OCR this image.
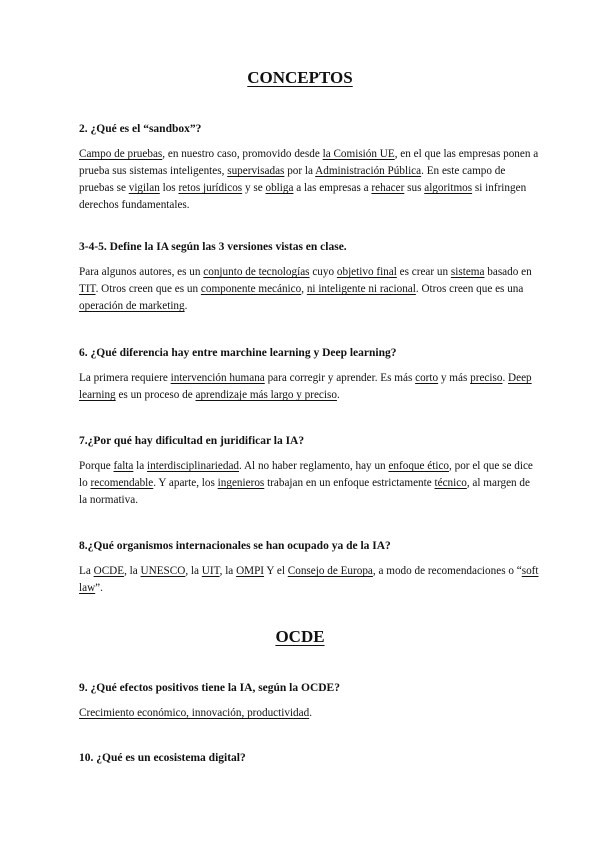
CONCEPTOS
2. ¿Qué es el “sandbox”?
Campo de pruebas, en nuestro caso, promovido desde la Comisión UE, en el que las empresas ponen a prueba sus sistemas inteligentes, supervisadas por la Administración Pública. En este campo de pruebas se vigilan los retos jurídicos y se obliga a las empresas a rehacer sus algoritmos si infringen derechos fundamentales.
3-4-5. Define la IA según las 3 versiones vistas en clase.
Para algunos autores, es un conjunto de tecnologías cuyo objetivo final es crear un sistema basado en TIT. Otros creen que es un componente mecánico, ni inteligente ni racional. Otros creen que es una operación de marketing.
6. ¿Qué diferencia hay entre marchine learning y Deep learning?
La primera requiere intervención humana para corregir y aprender. Es más corto y más preciso. Deep learning es un proceso de aprendizaje más largo y preciso.
7.¿Por qué hay dificultad en juridificar la IA?
Porque falta la interdisciplinariedad. Al no haber reglamento, hay un enfoque ético, por el que se dice lo recomendable. Y aparte, los ingenieros trabajan en un enfoque estrictamente técnico, al margen de la normativa.
8.¿Qué organismos internacionales se han ocupado ya de la IA?
La OCDE, la UNESCO, la UIT, la OMPI Y el Consejo de Europa, a modo de recomendaciones o “soft law”.
OCDE
9. ¿Qué efectos positivos tiene la IA, según la OCDE?
Crecimiento económico, innovación, productividad.
10. ¿Qué es un ecosistema digital?
